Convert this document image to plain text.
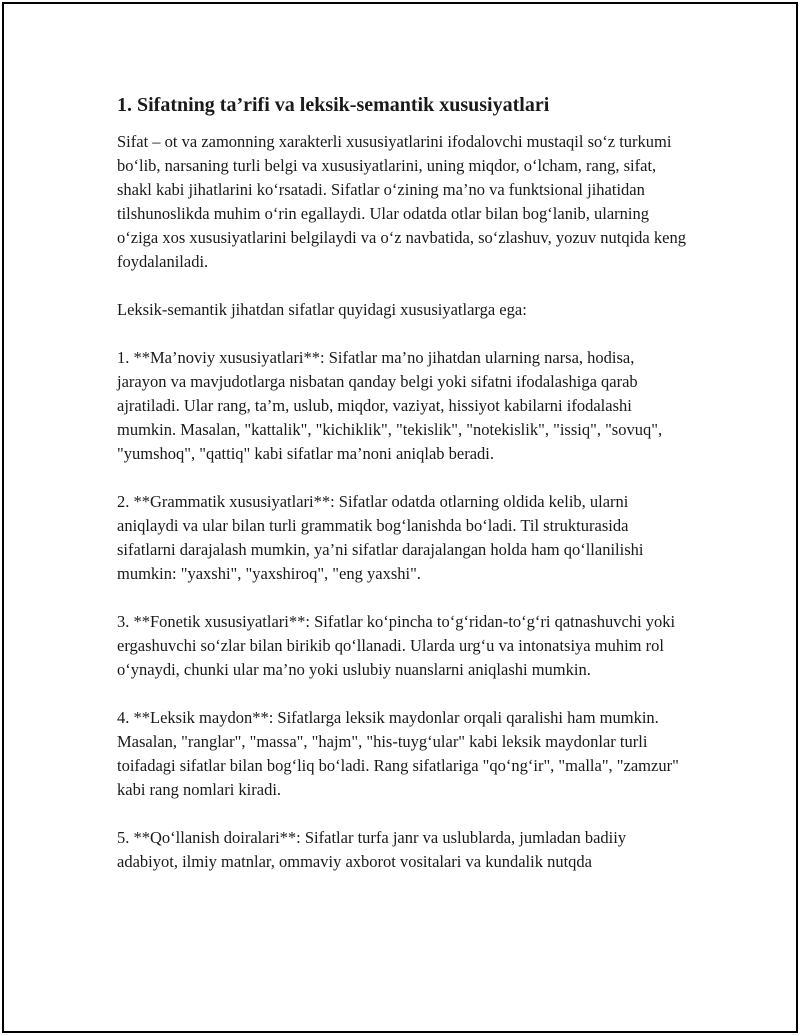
1. Sifatning ta’rifi va leksik-semantik xususiyatlari

Sifat – ot va zamonning xarakterli xususiyatlarini ifodalovchi mustaqil so‘z turkumi bo‘lib, narsaning turli belgi va xususiyatlarini, uning miqdor, o‘lcham, rang, sifat, shakl kabi jihatlarini ko‘rsatadi. Sifatlar o‘zining ma’no va funktsional jihatidan tilshunoslikda muhim o‘rin egallaydi. Ular odatda otlar bilan bog‘lanib, ularning o‘ziga xos xususiyatlarini belgilaydi va o‘z navbatida, so‘zlashuv, yozuv nutqida keng foydalaniladi.

Leksik-semantik jihatdan sifatlar quyidagi xususiyatlarga ega:

1. **Ma’noviy xususiyatlari**: Sifatlar ma’no jihatdan ularning narsa, hodisa, jarayon va mavjudotlarga nisbatan qanday belgi yoki sifatni ifodalashiga qarab ajratiladi. Ular rang, ta’m, uslub, miqdor, vaziyat, hissiyot kabilarni ifodalashi mumkin. Masalan, "kattalik", "kichiklik", "tekislik", "notekislik", "issiq", "sovuq", "yumshoq", "qattiq" kabi sifatlar ma’noni aniqlab beradi.

2. **Grammatik xususiyatlari**: Sifatlar odatda otlarning oldida kelib, ularni aniqlaydi va ular bilan turli grammatik bog‘lanishda bo‘ladi. Til strukturasida sifatlarni darajalash mumkin, ya’ni sifatlar darajalangan holda ham qo‘llanilishi mumkin: "yaxshi", "yaxshiroq", "eng yaxshi".

3. **Fonetik xususiyatlari**: Sifatlar ko‘pincha to‘g‘ridan-to‘g‘ri qatnashuvchi yoki ergashuvchi so‘zlar bilan birikib qo‘llanadi. Ularda urg‘u va intonatsiya muhim rol o‘ynaydi, chunki ular ma’no yoki uslubiy nuanslarni aniqlashi mumkin.

4. **Leksik maydon**: Sifatlarga leksik maydonlar orqali qaralishi ham mumkin. Masalan, "ranglar", "massa", "hajm", "his-tuyg‘ular" kabi leksik maydonlar turli toifadagi sifatlar bilan bog‘liq bo‘ladi. Rang sifatlariga "qo‘ng‘ir", "malla", "zamzur" kabi rang nomlari kiradi.

5. **Qo‘llanish doiralari**: Sifatlar turfa janr va uslublarda, jumladan badiiy adabiyot, ilmiy matnlar, ommaviy axborot vositalari va kundalik nutqda
